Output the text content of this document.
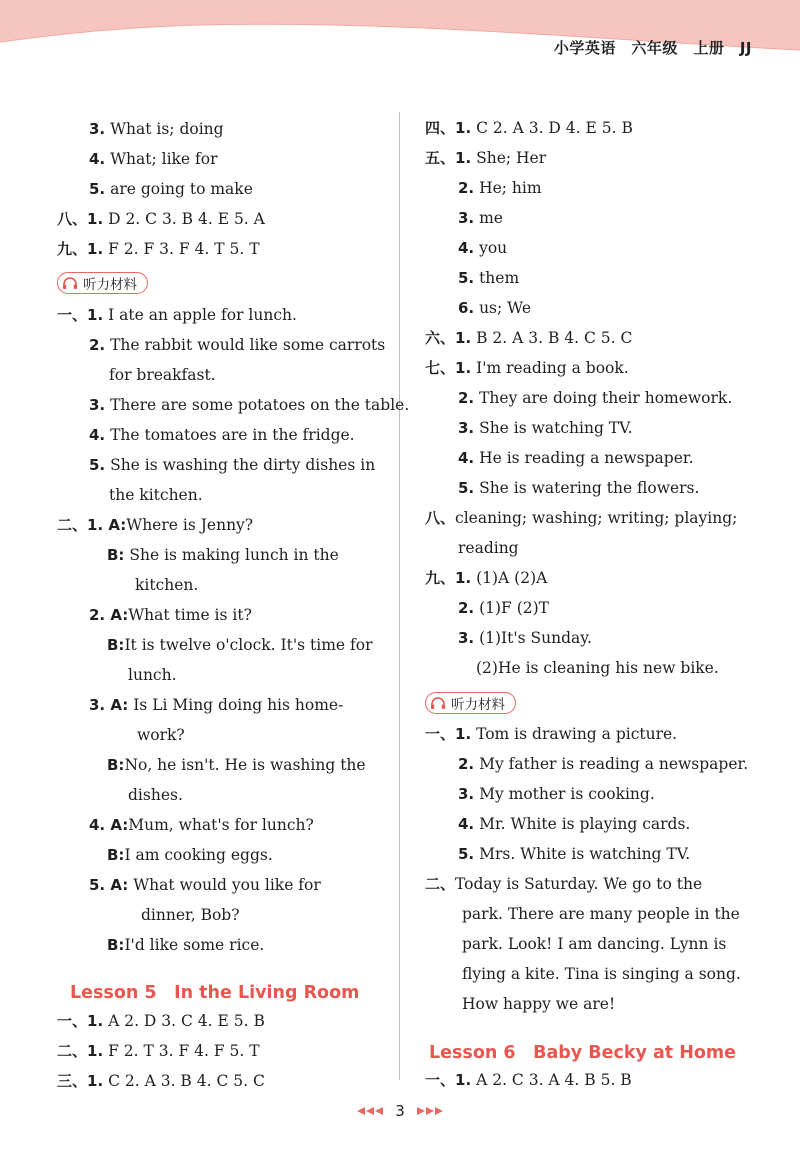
小学英语　六年级　上册　JJ
3. What is; doing
4. What; like for
5. are going to make
八、1. D 2. C 3. B 4. E 5. A
九、1. F 2. F 3. F 4. T 5. T
听力材料
一、1. I ate an apple for lunch.
2. The rabbit would like some carrots
for breakfast.
3. There are some potatoes on the table.
4. The tomatoes are in the fridge.
5. She is washing the dirty dishes in
the kitchen.
二、1. A:Where is Jenny?
B: She is making lunch in the
kitchen.
2. A:What time is it?
B:It is twelve o'clock. It's time for
lunch.
3. A: Is Li Ming doing his home-
work?
B:No, he isn't. He is washing the
dishes.
4. A:Mum, what's for lunch?
B:I am cooking eggs.
5. A: What would you like for
dinner, Bob?
B:I'd like some rice.
Lesson 5　In the Living Room
一、1. A 2. D 3. C 4. E 5. B
二、1. F 2. T 3. F 4. F 5. T
三、1. C 2. A 3. B 4. C 5. C
四、1. C 2. A 3. D 4. E 5. B
五、1. She; Her
2. He; him
3. me
4. you
5. them
6. us; We
六、1. B 2. A 3. B 4. C 5. C
七、1. I'm reading a book.
2. They are doing their homework.
3. She is watching TV.
4. He is reading a newspaper.
5. She is watering the flowers.
八、cleaning; washing; writing; playing;
reading
九、1. (1)A (2)A
2. (1)F (2)T
3. (1)It's Sunday.
(2)He is cleaning his new bike.
听力材料
一、1. Tom is drawing a picture.
2. My father is reading a newspaper.
3. My mother is cooking.
4. Mr. White is playing cards.
5. Mrs. White is watching TV.
二、Today is Saturday. We go to the
park. There are many people in the
park. Look! I am dancing. Lynn is
flying a kite. Tina is singing a song.
How happy we are!
Lesson 6　Baby Becky at Home
一、1. A 2. C 3. A 4. B 5. B
3
